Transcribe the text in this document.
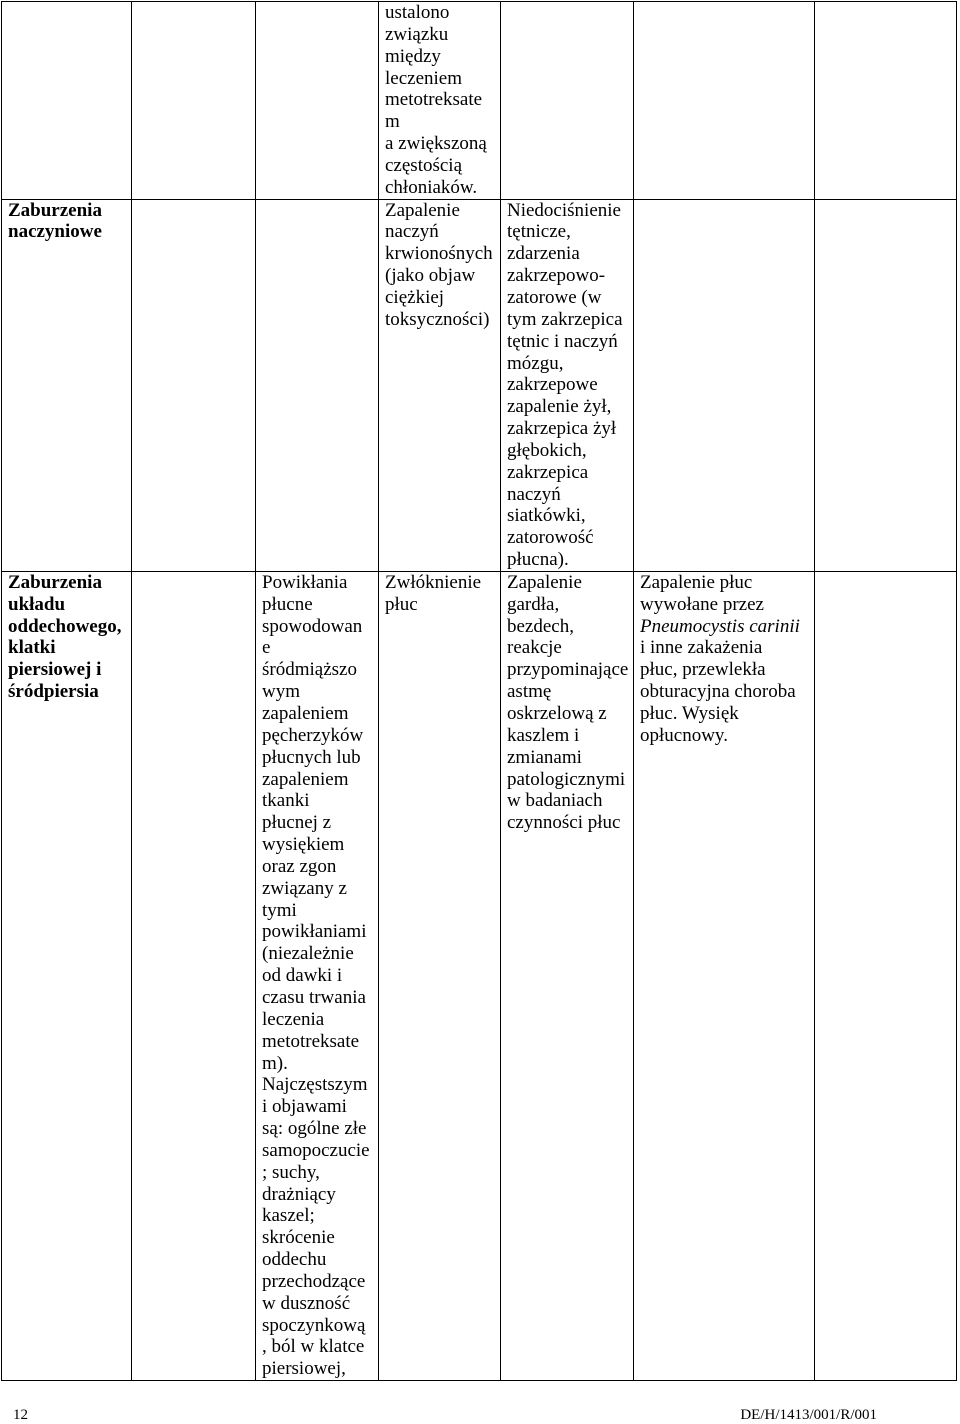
ustalono
związku
między
leczeniem
metotreksate
m
a zwiększoną
częstością
chłoniaków.
Zaburzenia
naczyniowe
Zapalenie
naczyń
krwionośnych
(jako objaw
ciężkiej
toksyczności)
Niedociśnienie
tętnicze,
zdarzenia
zakrzepowo-
zatorowe (w
tym zakrzepica
tętnic i naczyń
mózgu,
zakrzepowe
zapalenie żył,
zakrzepica żył
głębokich,
zakrzepica
naczyń
siatkówki,
zatorowość
płucna).
Zaburzenia
układu
oddechowego,
klatki
piersiowej i
śródpiersia
Powikłania
płucne
spowodowan
e
śródmiąższo
wym
zapaleniem
pęcherzyków
płucnych lub
zapaleniem
tkanki
płucnej z
wysiękiem
oraz zgon
związany z
tymi
powikłaniami
(niezależnie
od dawki i
czasu trwania
leczenia
metotreksate
m).
Najczęstszym
i objawami
są: ogólne złe
samopoczucie
; suchy,
drażniący
kaszel;
skrócenie
oddechu
przechodzące
w duszność
spoczynkową
, ból w klatce
piersiowej,
Zwłóknienie
płuc
Zapalenie
gardła,
bezdech,
reakcje
przypominające
astmę
oskrzelową z
kaszlem i
zmianami
patologicznymi
w badaniach
czynności płuc
Zapalenie płuc
wywołane przez
Pneumocystis carinii
i inne zakażenia
płuc, przewlekła
obturacyjna choroba
płuc. Wysięk
opłucnowy.
12	DE/H/1413/001/R/001
